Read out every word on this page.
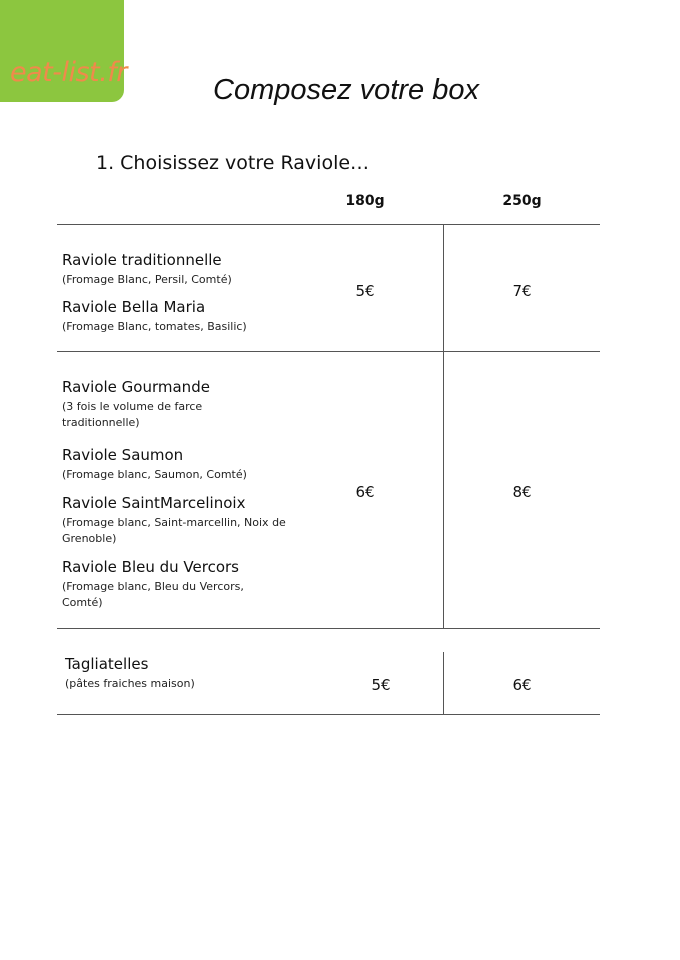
eat-list.fr
Composez votre box
1. Choisissez votre Raviole…
180g	250g
Raviole traditionnelle
(Fromage Blanc, Persil, Comté)
Raviole Bella Maria
(Fromage Blanc, tomates, Basilic)
5€	7€
Raviole Gourmande
(3 fois le volume de farce traditionnelle)
Raviole Saumon
(Fromage blanc, Saumon, Comté)
Raviole SaintMarcelinoix
(Fromage blanc, Saint-marcellin, Noix de Grenoble)
Raviole Bleu du Vercors
(Fromage blanc, Bleu du Vercors, Comté)
6€	8€
Tagliatelles
(pâtes fraiches maison)	5€	6€
